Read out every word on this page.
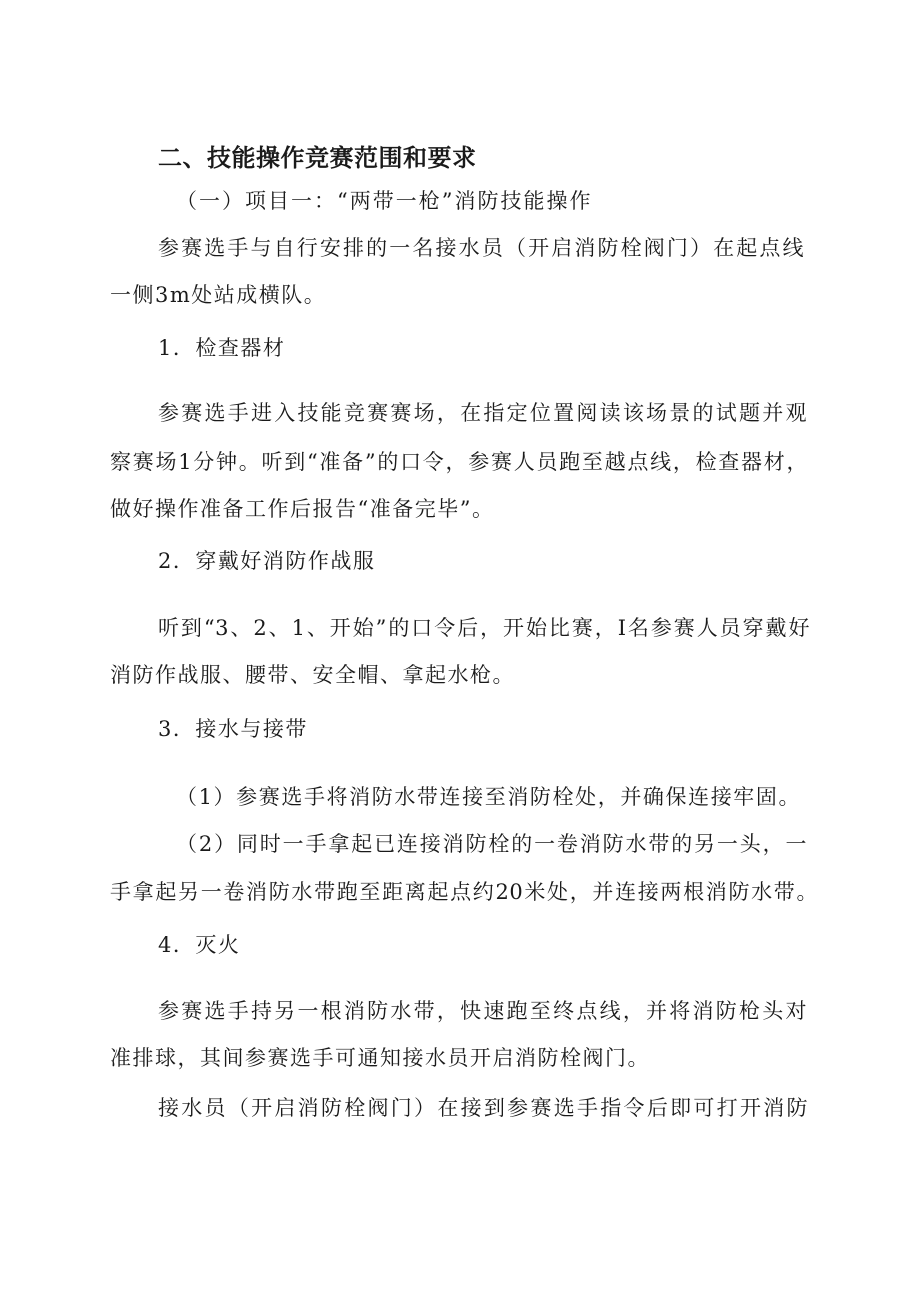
二、技能操作竞赛范围和要求
（一）项目一：“两带一枪”消防技能操作
参赛选手与自行安排的一名接水员（开启消防栓阀门）在起点线
一侧3m处站成横队。
1．检查器材
参赛选手进入技能竞赛赛场，在指定位置阅读该场景的试题并观
察赛场1分钟。听到“准备”的口令，参赛人员跑至越点线，检查器材，
做好操作准备工作后报告“准备完毕”。
2．穿戴好消防作战服
听到“3、2、1、开始”的口令后，开始比赛，I名参赛人员穿戴好
消防作战服、腰带、安全帽、拿起水枪。
3．接水与接带
（1）参赛选手将消防水带连接至消防栓处，并确保连接牢固。
（2）同时一手拿起已连接消防栓的一卷消防水带的另一头，一
手拿起另一卷消防水带跑至距离起点约20米处，并连接两根消防水带。
4．灭火
参赛选手持另一根消防水带，快速跑至终点线，并将消防枪头对
准排球，其间参赛选手可通知接水员开启消防栓阀门。
接水员（开启消防栓阀门）在接到参赛选手指令后即可打开消防
